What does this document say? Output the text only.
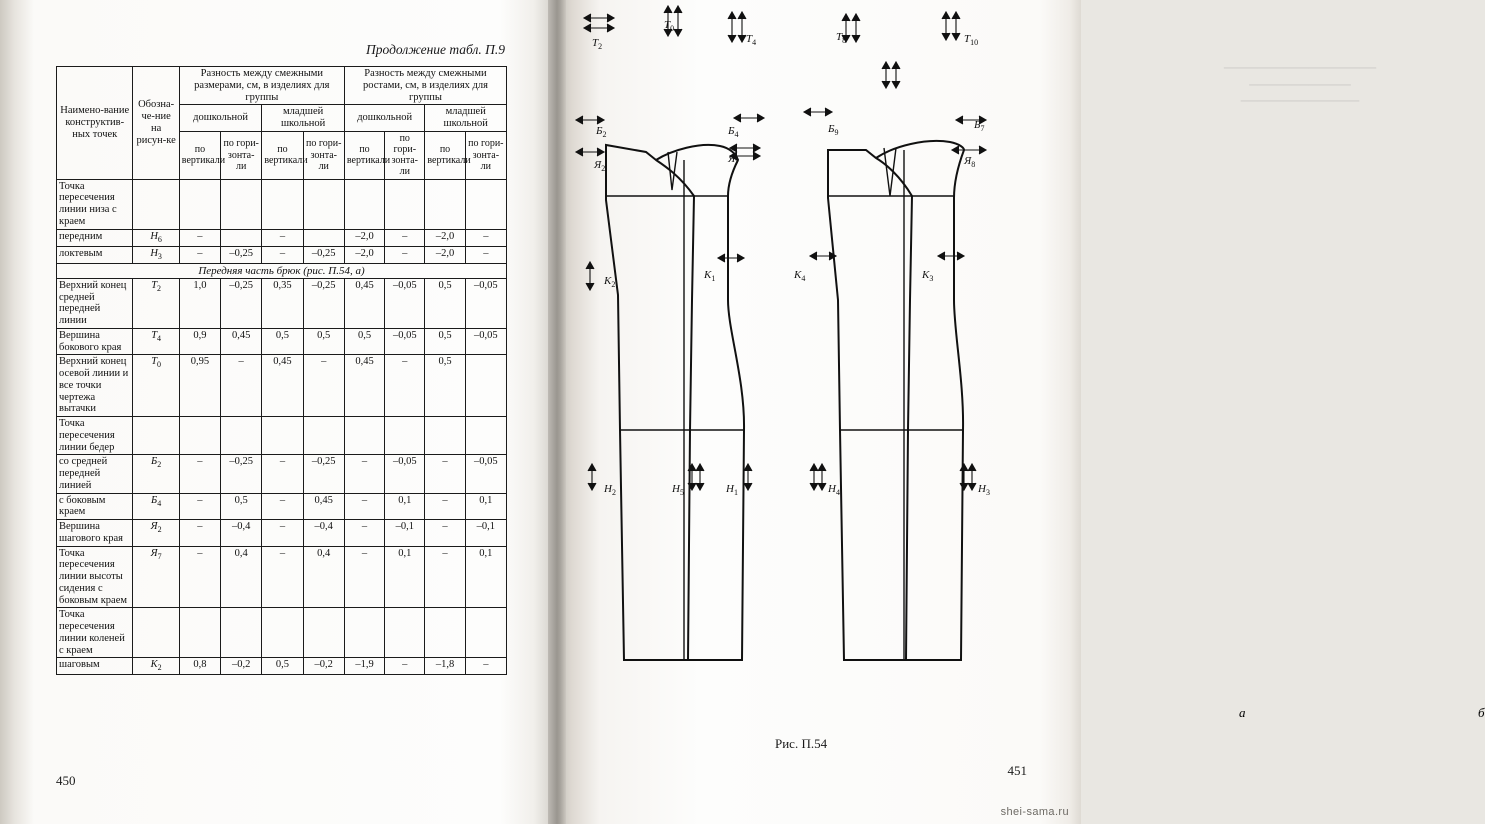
Продолжение табл. П.9
Наимено-вание конструктив-ных точек	Обозна-че-ние на рисун-ке	Разность между смежными размерами, см, в изделиях для группы				Разность между смежными ростами, см, в изделиях для группы			
		дошкольной		младшей школьной		дошкольной		младшей школьной	
		по вертикали	по гори-зонта-ли	по вертикали	по гори-зонта-ли	по вертикали	по гори-зонта-ли	по вертикали	по гори-зонта-ли
Точка пересечения линии низа с краем									
передним	$Н_6$	–		–		–2,0	–	–2,0	–
локтевым	$Н_3$	–	–0,25	–	–0,25	–2,0	–	–2,0	–
Передняя часть брюк (рис. П.54, а)									
Верхний конец средней передней линии	$Т_2$	1,0	–0,25	0,35	–0,25	0,45	–0,05	0,5	–0,05
Вершина бокового края	$Т_4$	0,9	0,45	0,5	0,5	0,5	–0,05	0,5	–0,05
Верхний конец осевой линии и все точки чертежа вытачки	$Т_0$	0,95	–	0,45	–	0,45	–	0,5	
Точка пересечения линии бедер									
со средней передней линией	$Б_2$	–	–0,25	–	–0,25	–	–0,05	–	–0,05
с боковым краем	$Б_4$	–	0,5	–	0,45	–	0,1	–	0,1
Вершина шагового края	$Я_2$	–	–0,4	–	–0,4	–	–0,1	–	–0,1
Точка пересечения линии высоты сидения с боковым краем	$Я_7$	–	0,4	–	0,4	–	0,1	–	0,1
Точка пересечения линии коленей с краем									
шаговым	$К_2$	0,8	–0,2	0,5	–0,2	–1,9	–	–1,8	–
450
▁▁▁▁▁▁▁▁▁▁▁▁▁▁▁▁▁▁
▁▁▁▁▁▁▁▁▁▁▁▁
▁▁▁▁▁▁▁▁▁▁▁▁▁▁
$Т_0$
$Т_2$
$Т_4$
$Б_2$	$Б_4$
$Я_2$
$Я_7$
$К_2$
$К_1$
$Н_2$	$Н_5$	$Н_1$
$Т_8$	$Т_{10}$
$Б_9$
$Б_7$
$Я_8$
$К_4$	$К_3$
$Н_4$	$Н_3$
а	б
451
Рис. П.54
shei-sama.ru
